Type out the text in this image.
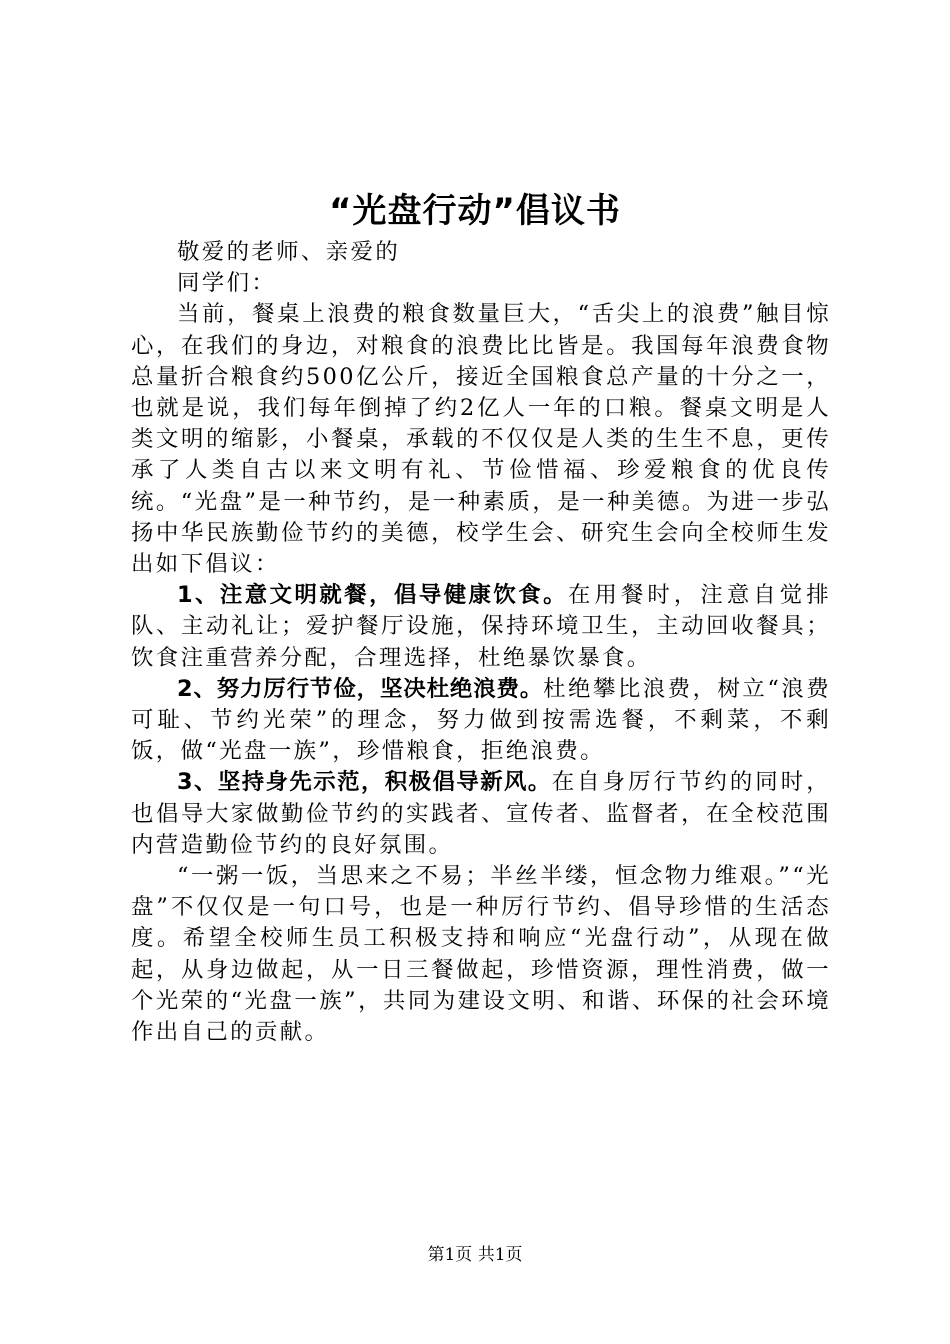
“光盘行动”倡议书

敬爱的老师、亲爱的

同学们：

当前，餐桌上浪费的粮食数量巨大，“舌尖上的浪费”触目惊心，在我们的身边，对粮食的浪费比比皆是。我国每年浪费食物总量折合粮食约500亿公斤，接近全国粮食总产量的十分之一，也就是说，我们每年倒掉了约2亿人一年的口粮。餐桌文明是人类文明的缩影，小餐桌，承载的不仅仅是人类的生生不息，更传承了人类自古以来文明有礼、节俭惜福、珍爱粮食的优良传统。“光盘”是一种节约，是一种素质，是一种美德。为进一步弘扬中华民族勤俭节约的美德，校学生会、研究生会向全校师生发出如下倡议：

1、注意文明就餐，倡导健康饮食。在用餐时，注意自觉排队、主动礼让；爱护餐厅设施，保持环境卫生，主动回收餐具；饮食注重营养分配，合理选择，杜绝暴饮暴食。

2、努力厉行节俭，坚决杜绝浪费。杜绝攀比浪费，树立“浪费可耻、节约光荣”的理念，努力做到按需选餐，不剩菜，不剩饭，做“光盘一族”，珍惜粮食，拒绝浪费。

3、坚持身先示范，积极倡导新风。在自身厉行节约的同时，也倡导大家做勤俭节约的实践者、宣传者、监督者，在全校范围内营造勤俭节约的良好氛围。

“一粥一饭，当思来之不易；半丝半缕，恒念物力维艰。”“光盘”不仅仅是一句口号，也是一种厉行节约、倡导珍惜的生活态度。希望全校师生员工积极支持和响应“光盘行动”，从现在做起，从身边做起，从一日三餐做起，珍惜资源，理性消费，做一个光荣的“光盘一族”，共同为建设文明、和谐、环保的社会环境作出自己的贡献。

第1页 共1页
